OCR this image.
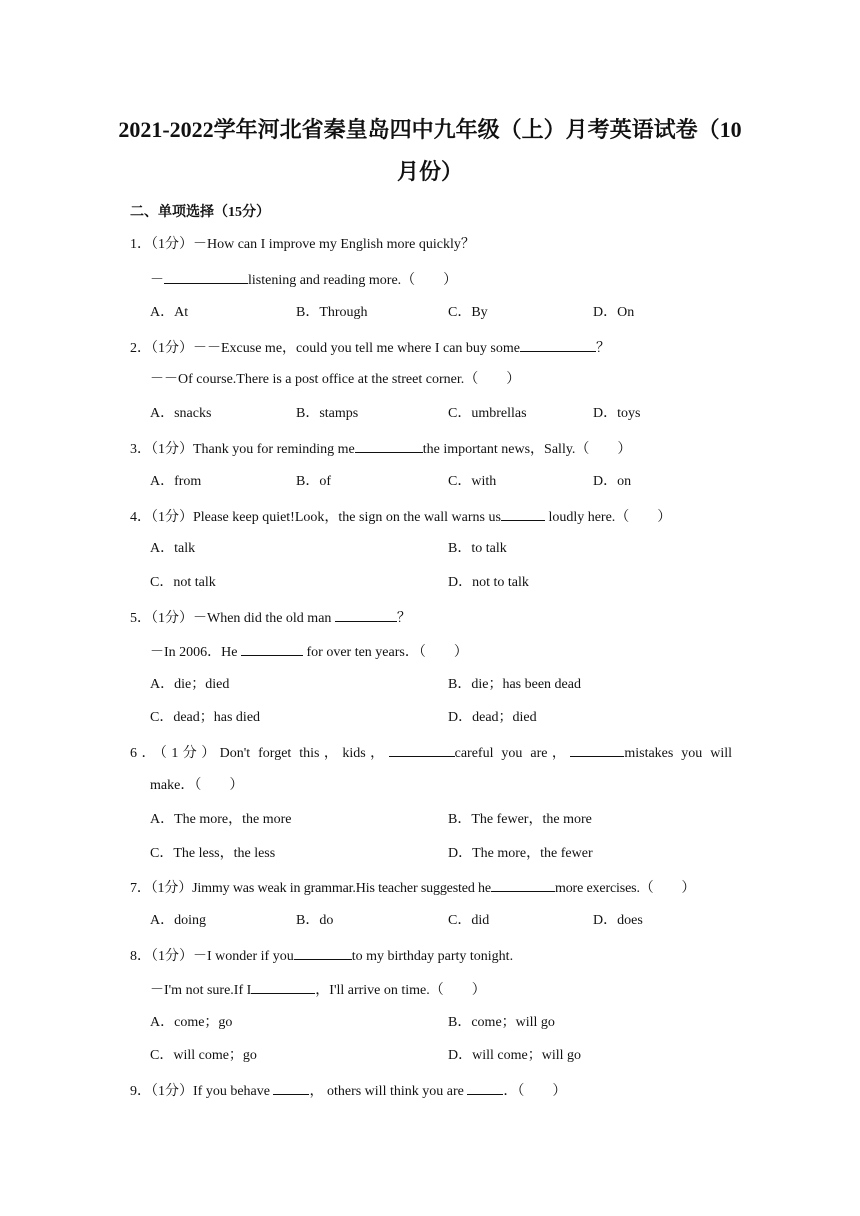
2021-2022学年河北省秦皇岛四中九年级（上）月考英语试卷（10
月份）
二、单项选择（15分）
1．（1分）－How can I improve my English more quickly？
－	listening and reading more.（　　）
A．At	B．Through	C．By	D．On
2．（1分）－－Excuse me，could you tell me where I can buy some	？
－－Of course.There is a post office at the street corner.（　　）
A．snacks	B．stamps	C．umbrellas	D．toys
3．（1分）Thank you for reminding me	the important news，Sally.（　　）
A．from	B．of	C．with	D．on
4．（1分）Please keep quiet!Look，the sign on the wall warns us	loudly here.（　　）
A．talk	B．to talk
C．not talk	D．not to talk
5．（1分）－When did the old man	？
－In 2006．He	for over ten years．（　　）
A．die；died	B．die；has been dead
C．dead；has died	D．dead；died
6．（1分）Don't forget this，kids，	careful you are，	mistakes you will
make．（　　）
A．The more，the more	B．The fewer，the more
C．The less，the less	D．The more，the fewer
7．（1分）Jimmy was weak in grammar.His teacher suggested he	more exercises.（　　）
A．doing	B．do	C．did	D．does
8．（1分）－I wonder if you	to my birthday party tonight.
－I'm not sure.If I	，I'll arrive on time.（　　）
A．come；go	B．come；will go
C．will come；go	D．will come；will go
9．（1分）If you behave	， others will think you are	．（　　）
